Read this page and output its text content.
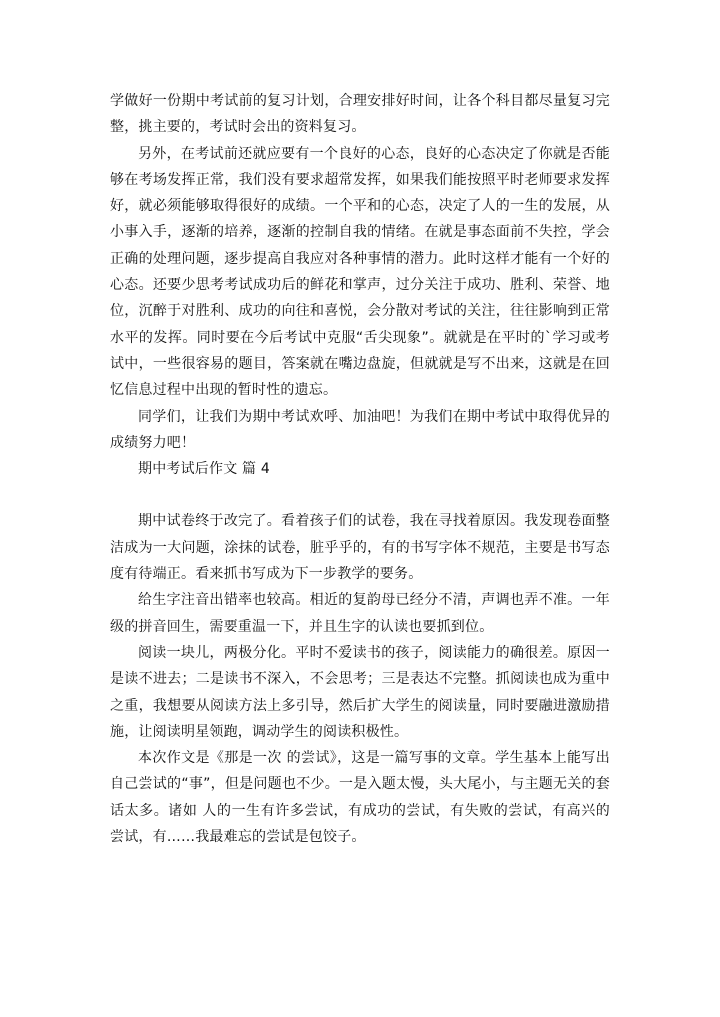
学做好一份期中考试前的复习计划，合理安排好时间，让各个科目都尽量复习完整，挑主要的，考试时会出的资料复习。

另外，在考试前还就应要有一个良好的心态，良好的心态决定了你就是否能够在考场发挥正常，我们没有要求超常发挥，如果我们能按照平时老师要求发挥好，就必须能够取得很好的成绩。一个平和的心态，决定了人的一生的发展，从小事入手，逐渐的培养，逐渐的控制自我的情绪。在就是事态面前不失控，学会正确的处理问题，逐步提高自我应对各种事情的潜力。此时这样才能有一个好的心态。还要少思考考试成功后的鲜花和掌声，过分关注于成功、胜利、荣誉、地位，沉醉于对胜利、成功的向往和喜悦，会分散对考试的关注，往往影响到正常水平的发挥。同时要在今后考试中克服“舌尖现象”。就就是在平时的`学习或考试中，一些很容易的题目，答案就在嘴边盘旋，但就就是写不出来，这就是在回忆信息过程中出现的暂时性的遗忘。

同学们，让我们为期中考试欢呼、加油吧！为我们在期中考试中取得优异的成绩努力吧！

期中考试后作文 篇 4

期中试卷终于改完了。看着孩子们的试卷，我在寻找着原因。我发现卷面整洁成为一大问题，涂抹的试卷，脏乎乎的，有的书写字体不规范，主要是书写态度有待端正。看来抓书写成为下一步教学的要务。

给生字注音出错率也较高。相近的复韵母已经分不清，声调也弄不准。一年级的拼音回生，需要重温一下，并且生字的认读也要抓到位。

阅读一块儿，两极分化。平时不爱读书的孩子，阅读能力的确很差。原因一是读不进去；二是读书不深入，不会思考；三是表达不完整。抓阅读也成为重中之重，我想要从阅读方法上多引导，然后扩大学生的阅读量，同时要融进激励措施，让阅读明星领跑，调动学生的阅读积极性。

本次作文是《那是一次 的尝试》，这是一篇写事的文章。学生基本上能写出自己尝试的“事”，但是问题也不少。一是入题太慢，头大尾小，与主题无关的套话太多。诸如 人的一生有许多尝试，有成功的尝试，有失败的尝试，有高兴的尝试，有……我最难忘的尝试是包饺子。
